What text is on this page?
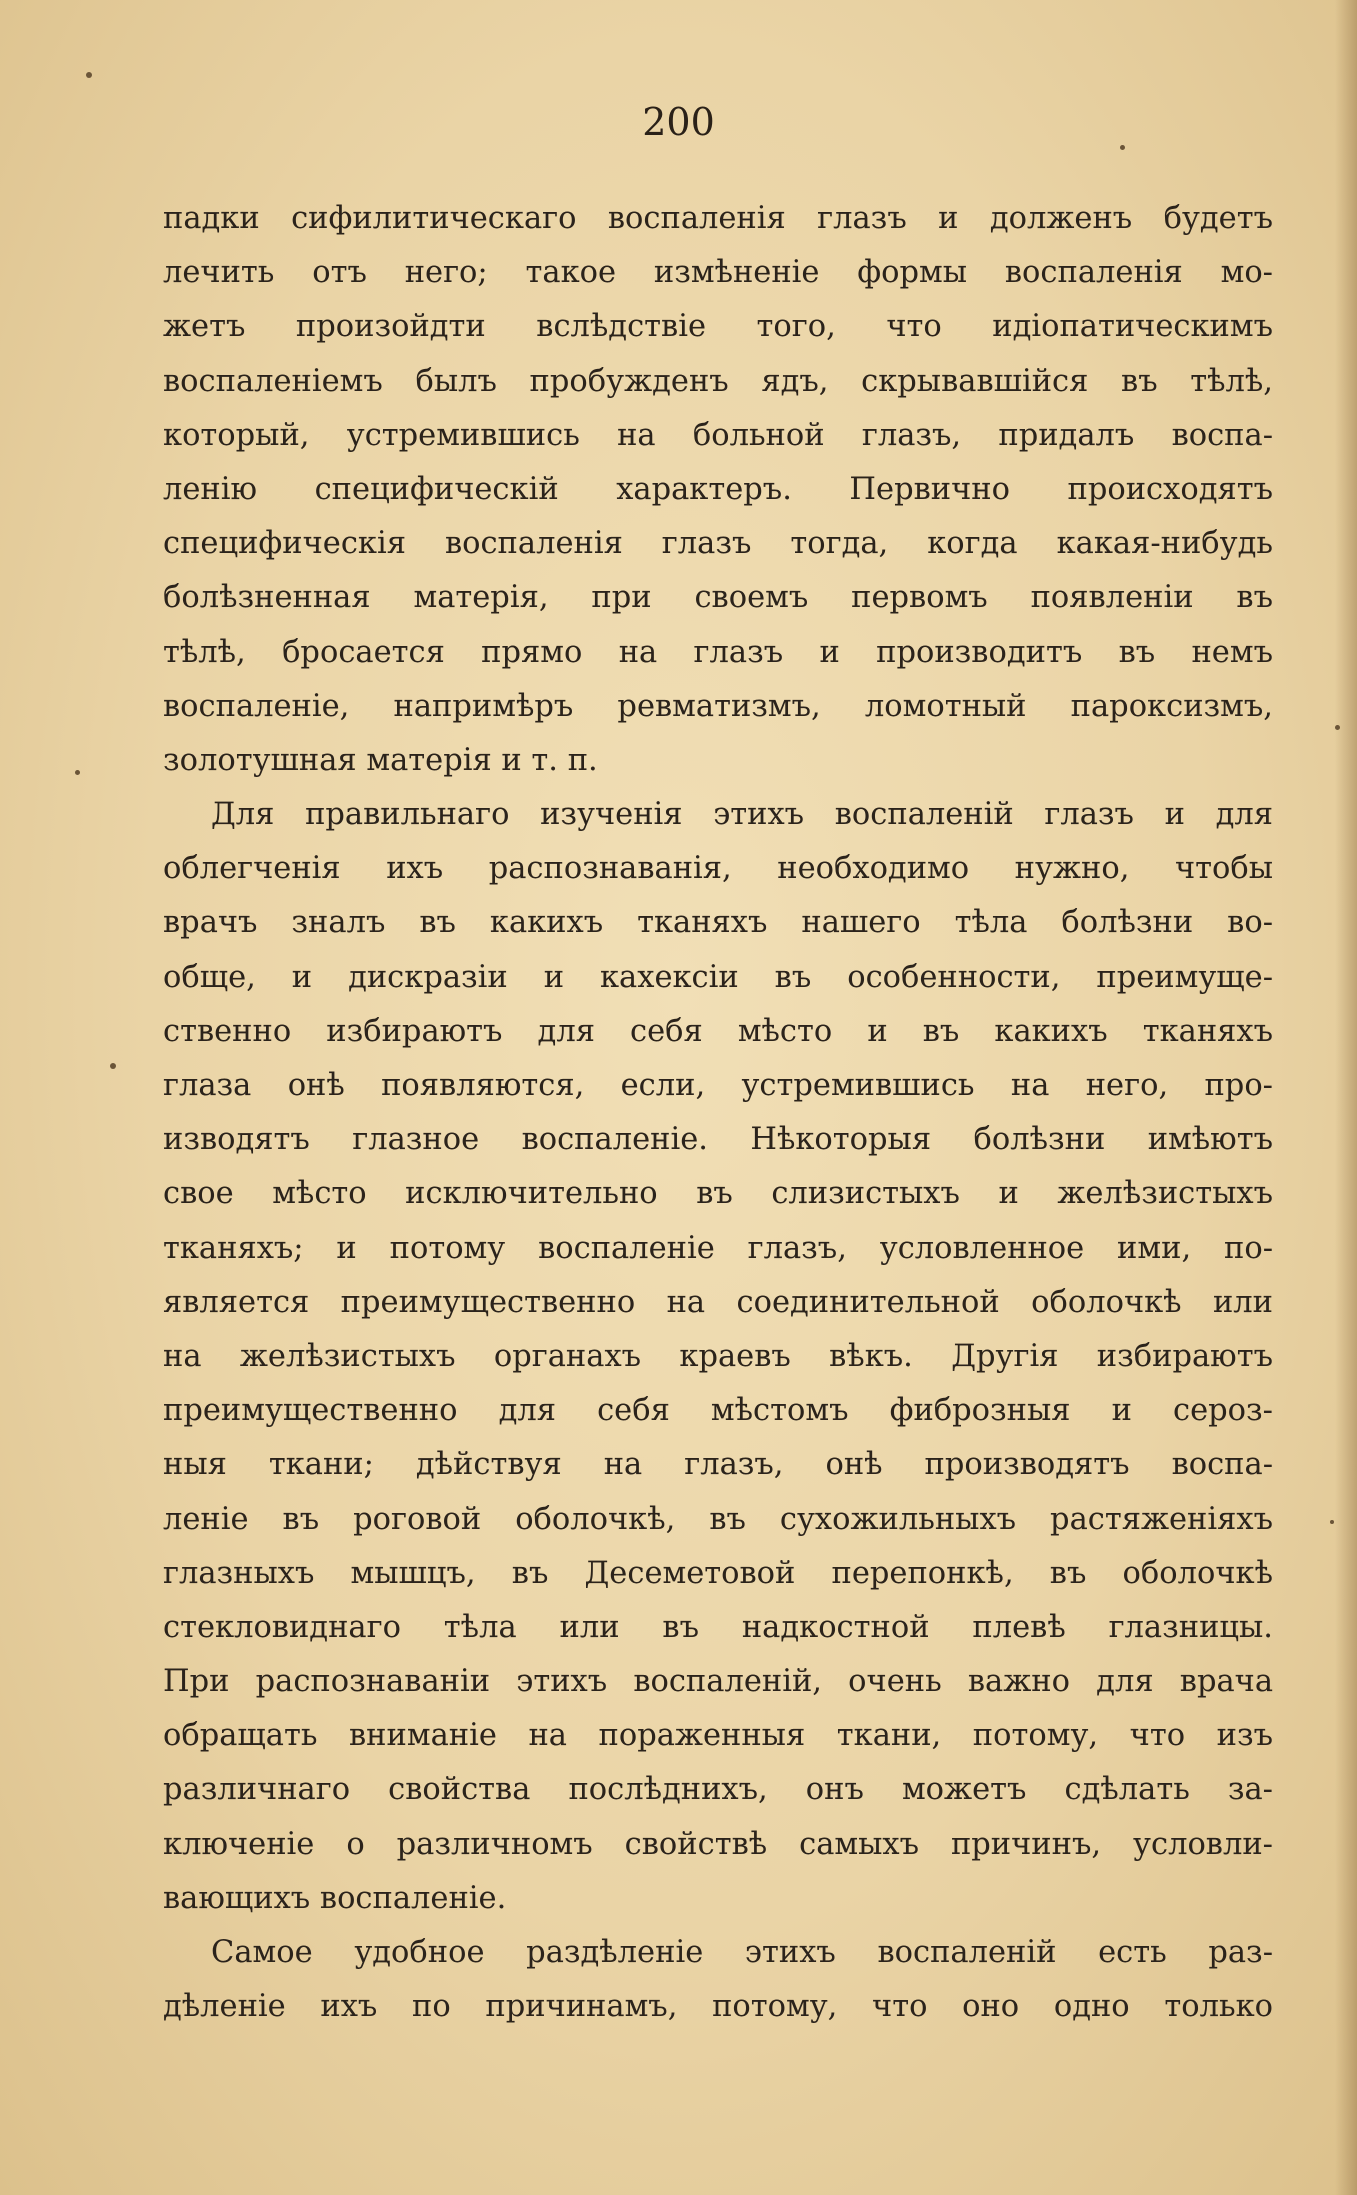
200
падки сифилитическаго воспаленія глазъ и долженъ будетъ
лечить отъ него; такое измѣненіе формы воспаленія мо-
жетъ произойдти вслѣдствіе того, что идіопатическимъ
воспаленіемъ былъ пробужденъ ядъ, скрывавшійся въ тѣлѣ,
который, устремившись на больной глазъ, придалъ воспа-
ленію специфическій характеръ. Первично происходятъ
специфическія воспаленія глазъ тогда, когда какая-нибудь
болѣзненная матерія, при своемъ первомъ появленіи въ
тѣлѣ, бросается прямо на глазъ и производитъ въ немъ
воспаленіе, напримѣръ ревматизмъ, ломотный пароксизмъ,
золотушная матерія и т. п.
Для правильнаго изученія этихъ воспаленій глазъ и для
облегченія ихъ распознаванія, необходимо нужно, чтобы
врачъ зналъ въ какихъ тканяхъ нашего тѣла болѣзни во-
обще, и дискразіи и кахексіи въ особенности, преимуще-
ственно избираютъ для себя мѣсто и въ какихъ тканяхъ
глаза онѣ появляются, если, устремившись на него, про-
изводятъ глазное воспаленіе. Нѣкоторыя болѣзни имѣютъ
свое мѣсто исключительно въ слизистыхъ и желѣзистыхъ
тканяхъ; и потому воспаленіе глазъ, условленное ими, по-
является преимущественно на соединительной оболочкѣ или
на желѣзистыхъ органахъ краевъ вѣкъ. Другія избираютъ
преимущественно для себя мѣстомъ фиброзныя и сероз-
ныя ткани; дѣйствуя на глазъ, онѣ производятъ воспа-
леніе въ роговой оболочкѣ, въ сухожильныхъ растяженіяхъ
глазныхъ мышцъ, въ Десеметовой перепонкѣ, въ оболочкѣ
стекловиднаго тѣла или въ надкостной плевѣ глазницы.
При распознаваніи этихъ воспаленій, очень важно для врача
обращать вниманіе на пораженныя ткани, потому, что изъ
различнаго свойства послѣднихъ, онъ можетъ сдѣлать за-
ключеніе о различномъ свойствѣ самыхъ причинъ, условли-
вающихъ воспаленіе.
Самое удобное раздѣленіе этихъ воспаленій есть раз-
дѣленіе ихъ по причинамъ, потому, что оно одно только
